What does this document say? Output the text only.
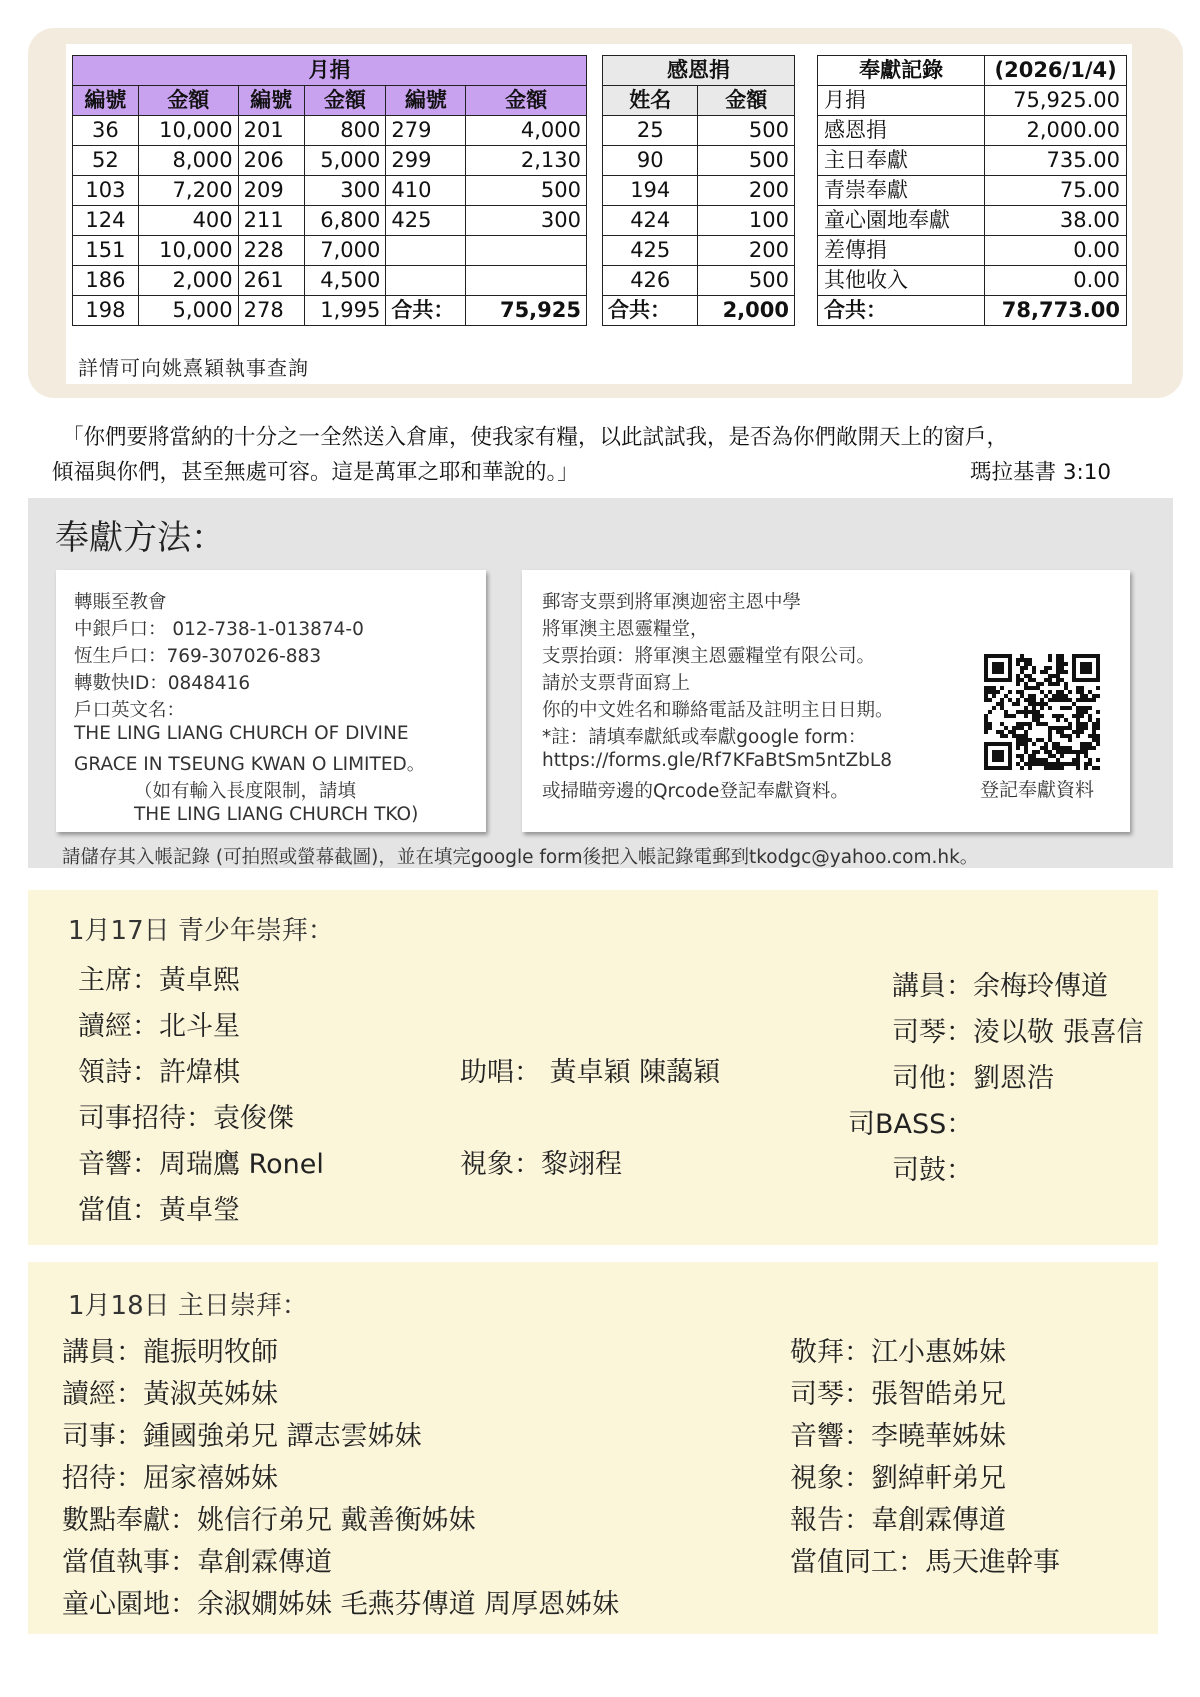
月捐					
編號	金額	編號	金額	編號	金額
36	10,000	201	800	279	4,000
52	8,000	206	5,000	299	2,130
103	7,200	209	300	410	500
124	400	211	6,800	425	300
151	10,000	228	7,000		
186	2,000	261	4,500		
198	5,000	278	1,995	合共：	75,925
感恩捐	
姓名	金額
25	500
90	500
194	200
424	100
425	200
426	500
合共：	2,000
奉獻記錄	(2026/1/4)
月捐	75,925.00
感恩捐	2,000.00
主日奉獻	735.00
青崇奉獻	75.00
童心園地奉獻	38.00
差傳捐	0.00
其他收入	0.00
合共：	78,773.00
詳情可向姚熹穎執事查詢
「你們要將當納的十分之一全然送入倉庫，使我家有糧，以此試試我，是否為你們敞開天上的窗戶，
傾福與你們，甚至無處可容。這是萬軍之耶和華說的。」	瑪拉基書 3:10
奉獻方法：
轉賬至教會
中銀戶口： 012-738-1-013874-0
恆生戶口：769-307026-883
轉數快ID：0848416
戶口英文名：
THE LING LIANG CHURCH OF DIVINE
GRACE IN TSEUNG KWAN O LIMITED。
（如有輸入長度限制，請填
THE LING LIANG CHURCH TKO)
郵寄支票到將軍澳迦密主恩中學
將軍澳主恩靈糧堂，
支票抬頭：將軍澳主恩靈糧堂有限公司。
請於支票背面寫上
你的中文姓名和聯絡電話及註明主日日期。
*註：請填奉獻紙或奉獻google form：
https://forms.gle/Rf7KFaBtSm5ntZbL8
或掃瞄旁邊的Qrcode登記奉獻資料。	登記奉獻資料
請儲存其入帳記錄 (可拍照或螢幕截圖)，並在填完google form後把入帳記錄電郵到tkodgc@yahoo.com.hk。
1月17日 青少年崇拜：
主席：黃卓熙
讀經：北斗星
領詩：許煒棋
司事招待：袁俊傑
音響：周瑞鷹 Ronel
當值：黃卓瑩
助唱： 黃卓穎 陳藹穎
視象：黎翊程
講員：余梅玲傳道
司琴：淩以敬 張喜信
司他：劉恩浩
司BASS：
司鼓：
1月18日 主日崇拜：
講員：龍振明牧師
讀經：黃淑英姊妹
司事：鍾國強弟兄 譚志雲姊妹
招待：屈家禧姊妹
數點奉獻：姚信行弟兄 戴善衡姊妹
當值執事：韋創霖傳道
童心園地：余淑嫺姊妹 毛燕芬傳道 周厚恩姊妹
敬拜：江小惠姊妹
司琴：張智皓弟兄
音響：李曉華姊妹
視象：劉綽軒弟兄
報告：韋創霖傳道
當值同工：馬天進幹事
